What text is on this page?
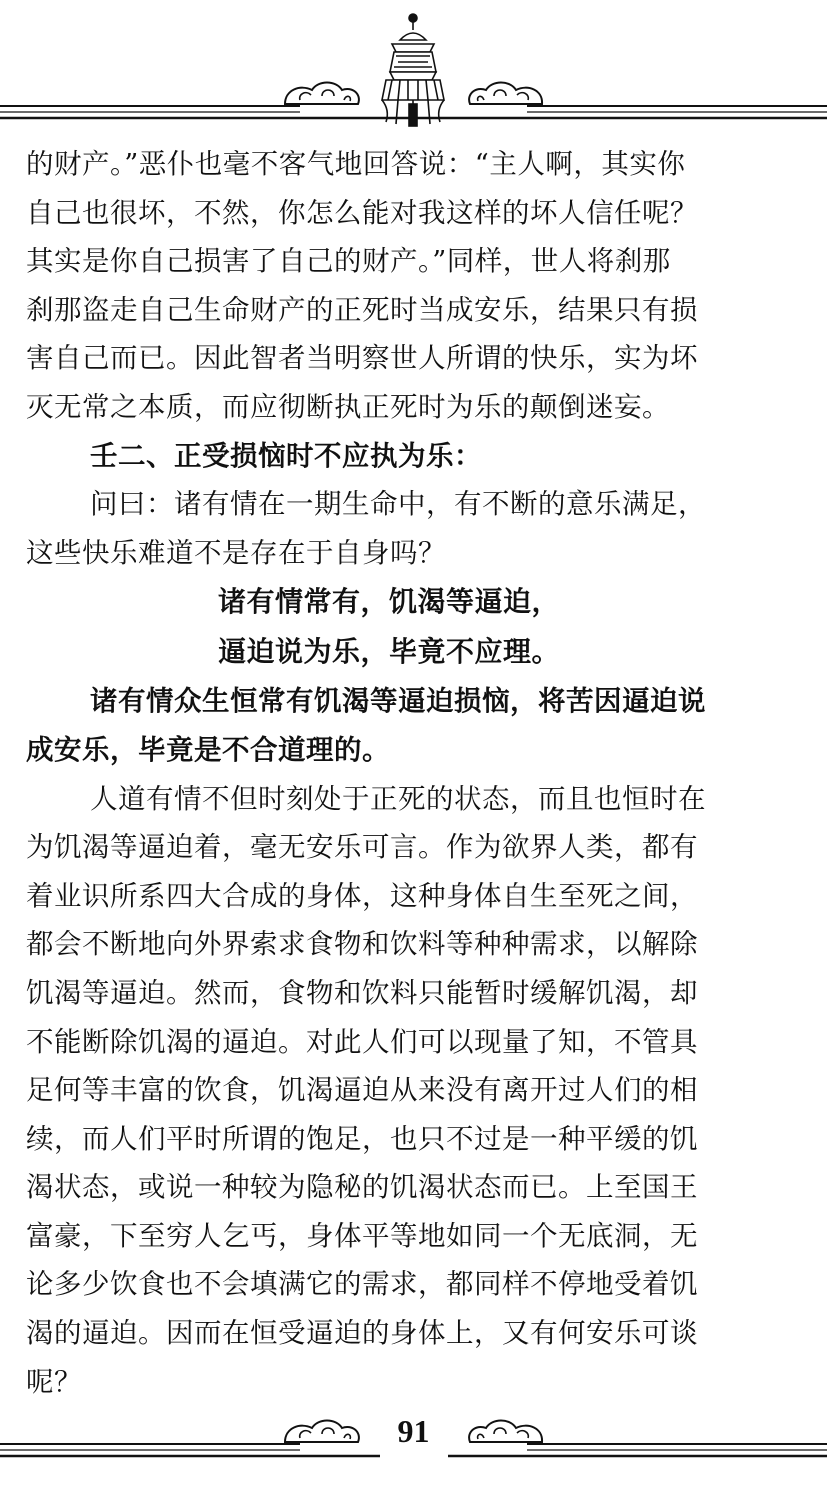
的财产。”恶仆也毫不客气地回答说：“主人啊，其实你
自己也很坏，不然，你怎么能对我这样的坏人信任呢？
其实是你自己损害了自己的财产。”同样，世人将刹那
刹那盗走自己生命财产的正死时当成安乐，结果只有损
害自己而已。因此智者当明察世人所谓的快乐，实为坏
灭无常之本质，而应彻断执正死时为乐的颠倒迷妄。
壬二、正受损恼时不应执为乐：
问曰：诸有情在一期生命中，有不断的意乐满足，
这些快乐难道不是存在于自身吗？
诸有情常有，饥渴等逼迫，
逼迫说为乐，毕竟不应理。
诸有情众生恒常有饥渴等逼迫损恼，将苦因逼迫说
成安乐，毕竟是不合道理的。
人道有情不但时刻处于正死的状态，而且也恒时在
为饥渴等逼迫着，毫无安乐可言。作为欲界人类，都有
着业识所系四大合成的身体，这种身体自生至死之间，
都会不断地向外界索求食物和饮料等种种需求，以解除
饥渴等逼迫。然而，食物和饮料只能暂时缓解饥渴，却
不能断除饥渴的逼迫。对此人们可以现量了知，不管具
足何等丰富的饮食，饥渴逼迫从来没有离开过人们的相
续，而人们平时所谓的饱足，也只不过是一种平缓的饥
渴状态，或说一种较为隐秘的饥渴状态而已。上至国王
富豪，下至穷人乞丐，身体平等地如同一个无底洞，无
论多少饮食也不会填满它的需求，都同样不停地受着饥
渴的逼迫。因而在恒受逼迫的身体上，又有何安乐可谈
呢？
91
